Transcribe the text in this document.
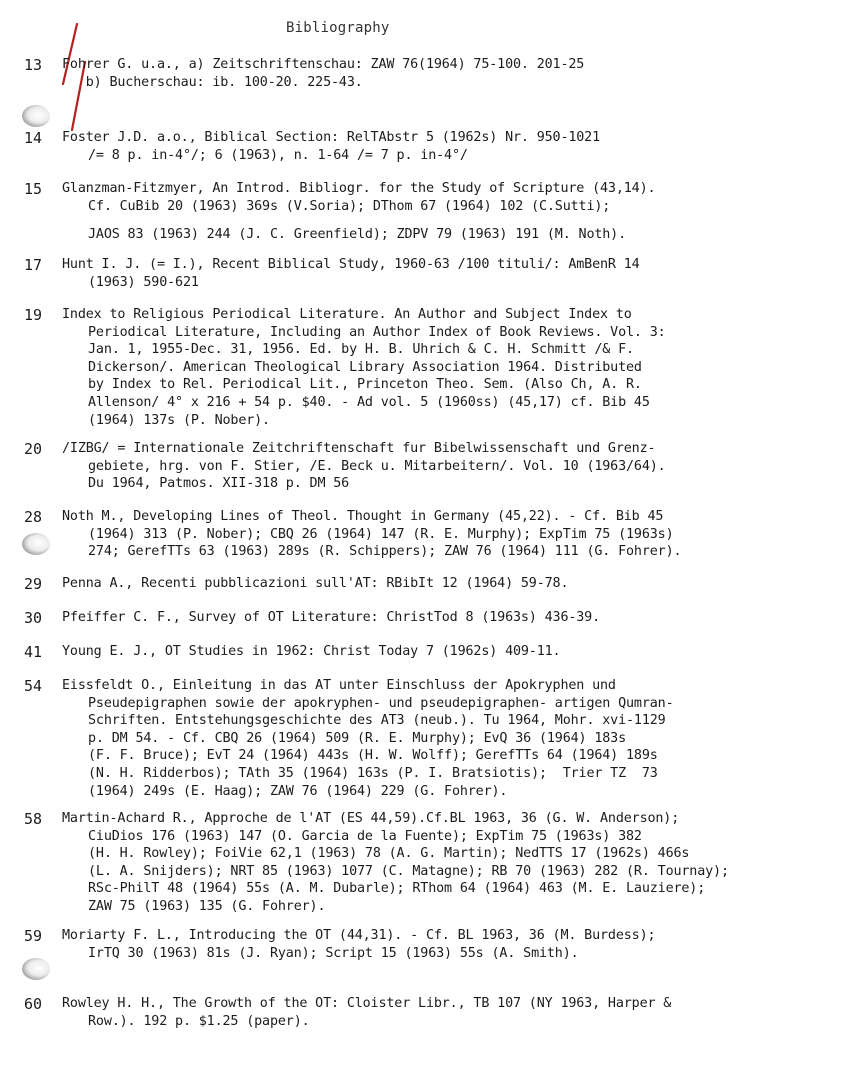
Bibliography
13	Fohrer G. u.a., a) Zeitschriftenschau: ZAW 76(1964) 75-100. 201-25
b) Bucherschau: ib. 100-20. 225-43.
14	Foster J.D. a.o., Biblical Section: RelTAbstr 5 (1962s) Nr. 950-1021
/= 8 p. in-4°/; 6 (1963), n. 1-64 /= 7 p. in-4°/
15	Glanzman-Fitzmyer, An Introd. Bibliogr. for the Study of Scripture (43,14).
Cf. CuBib 20 (1963) 369s (V.Soria); DThom 67 (1964) 102 (C.Sutti);
JAOS 83 (1963) 244 (J. C. Greenfield); ZDPV 79 (1963) 191 (M. Noth).
17	Hunt I. J. (= I.), Recent Biblical Study, 1960-63 /100 tituli/: AmBenR 14
(1963) 590-621
19	Index to Religious Periodical Literature. An Author and Subject Index to
Periodical Literature, Including an Author Index of Book Reviews. Vol. 3:
Jan. 1, 1955-Dec. 31, 1956. Ed. by H. B. Uhrich & C. H. Schmitt /& F.
Dickerson/. American Theological Library Association 1964. Distributed
by Index to Rel. Periodical Lit., Princeton Theo. Sem. (Also Ch, A. R.
Allenson/ 4° x 216 + 54 p. $40. - Ad vol. 5 (1960ss) (45,17) cf. Bib 45
(1964) 137s (P. Nober).
20	/IZBG/ = Internationale Zeitchriftenschaft fur Bibelwissenschaft und Grenz-
gebiete, hrg. von F. Stier, /E. Beck u. Mitarbeitern/. Vol. 10 (1963/64).
Du 1964, Patmos. XII-318 p. DM 56
28	Noth M., Developing Lines of Theol. Thought in Germany (45,22). - Cf. Bib 45
(1964) 313 (P. Nober); CBQ 26 (1964) 147 (R. E. Murphy); ExpTim 75 (1963s)
274; GerefTTs 63 (1963) 289s (R. Schippers); ZAW 76 (1964) 111 (G. Fohrer).
29	Penna A., Recenti pubblicazioni sull'AT: RBibIt 12 (1964) 59-78.
30	Pfeiffer C. F., Survey of OT Literature: ChristTod 8 (1963s) 436-39.
41	Young E. J., OT Studies in 1962: Christ Today 7 (1962s) 409-11.
54	Eissfeldt O., Einleitung in das AT unter Einschluss der Apokryphen und
Pseudepigraphen sowie der apokryphen- und pseudepigraphen- artigen Qumran-
Schriften. Entstehungsgeschichte des AT3 (neub.). Tu 1964, Mohr. xvi-1129
p. DM 54. - Cf. CBQ 26 (1964) 509 (R. E. Murphy); EvQ 36 (1964) 183s
(F. F. Bruce); EvT 24 (1964) 443s (H. W. Wolff); GerefTTs 64 (1964) 189s
(N. H. Ridderbos); TAth 35 (1964) 163s (P. I. Bratsiotis);  Trier TZ  73
(1964) 249s (E. Haag); ZAW 76 (1964) 229 (G. Fohrer).
58	Martin-Achard R., Approche de l'AT (ES 44,59).Cf.BL 1963, 36 (G. W. Anderson);
CiuDios 176 (1963) 147 (O. Garcia de la Fuente); ExpTim 75 (1963s) 382
(H. H. Rowley); FoiVie 62,1 (1963) 78 (A. G. Martin); NedTTS 17 (1962s) 466s
(L. A. Snijders); NRT 85 (1963) 1077 (C. Matagne); RB 70 (1963) 282 (R. Tournay);
RSc-PhilT 48 (1964) 55s (A. M. Dubarle); RThom 64 (1964) 463 (M. E. Lauziere);
ZAW 75 (1963) 135 (G. Fohrer).
59	Moriarty F. L., Introducing the OT (44,31). - Cf. BL 1963, 36 (M. Burdess);
IrTQ 30 (1963) 81s (J. Ryan); Script 15 (1963) 55s (A. Smith).
60	Rowley H. H., The Growth of the OT: Cloister Libr., TB 107 (NY 1963, Harper &
Row.). 192 p. $1.25 (paper).
